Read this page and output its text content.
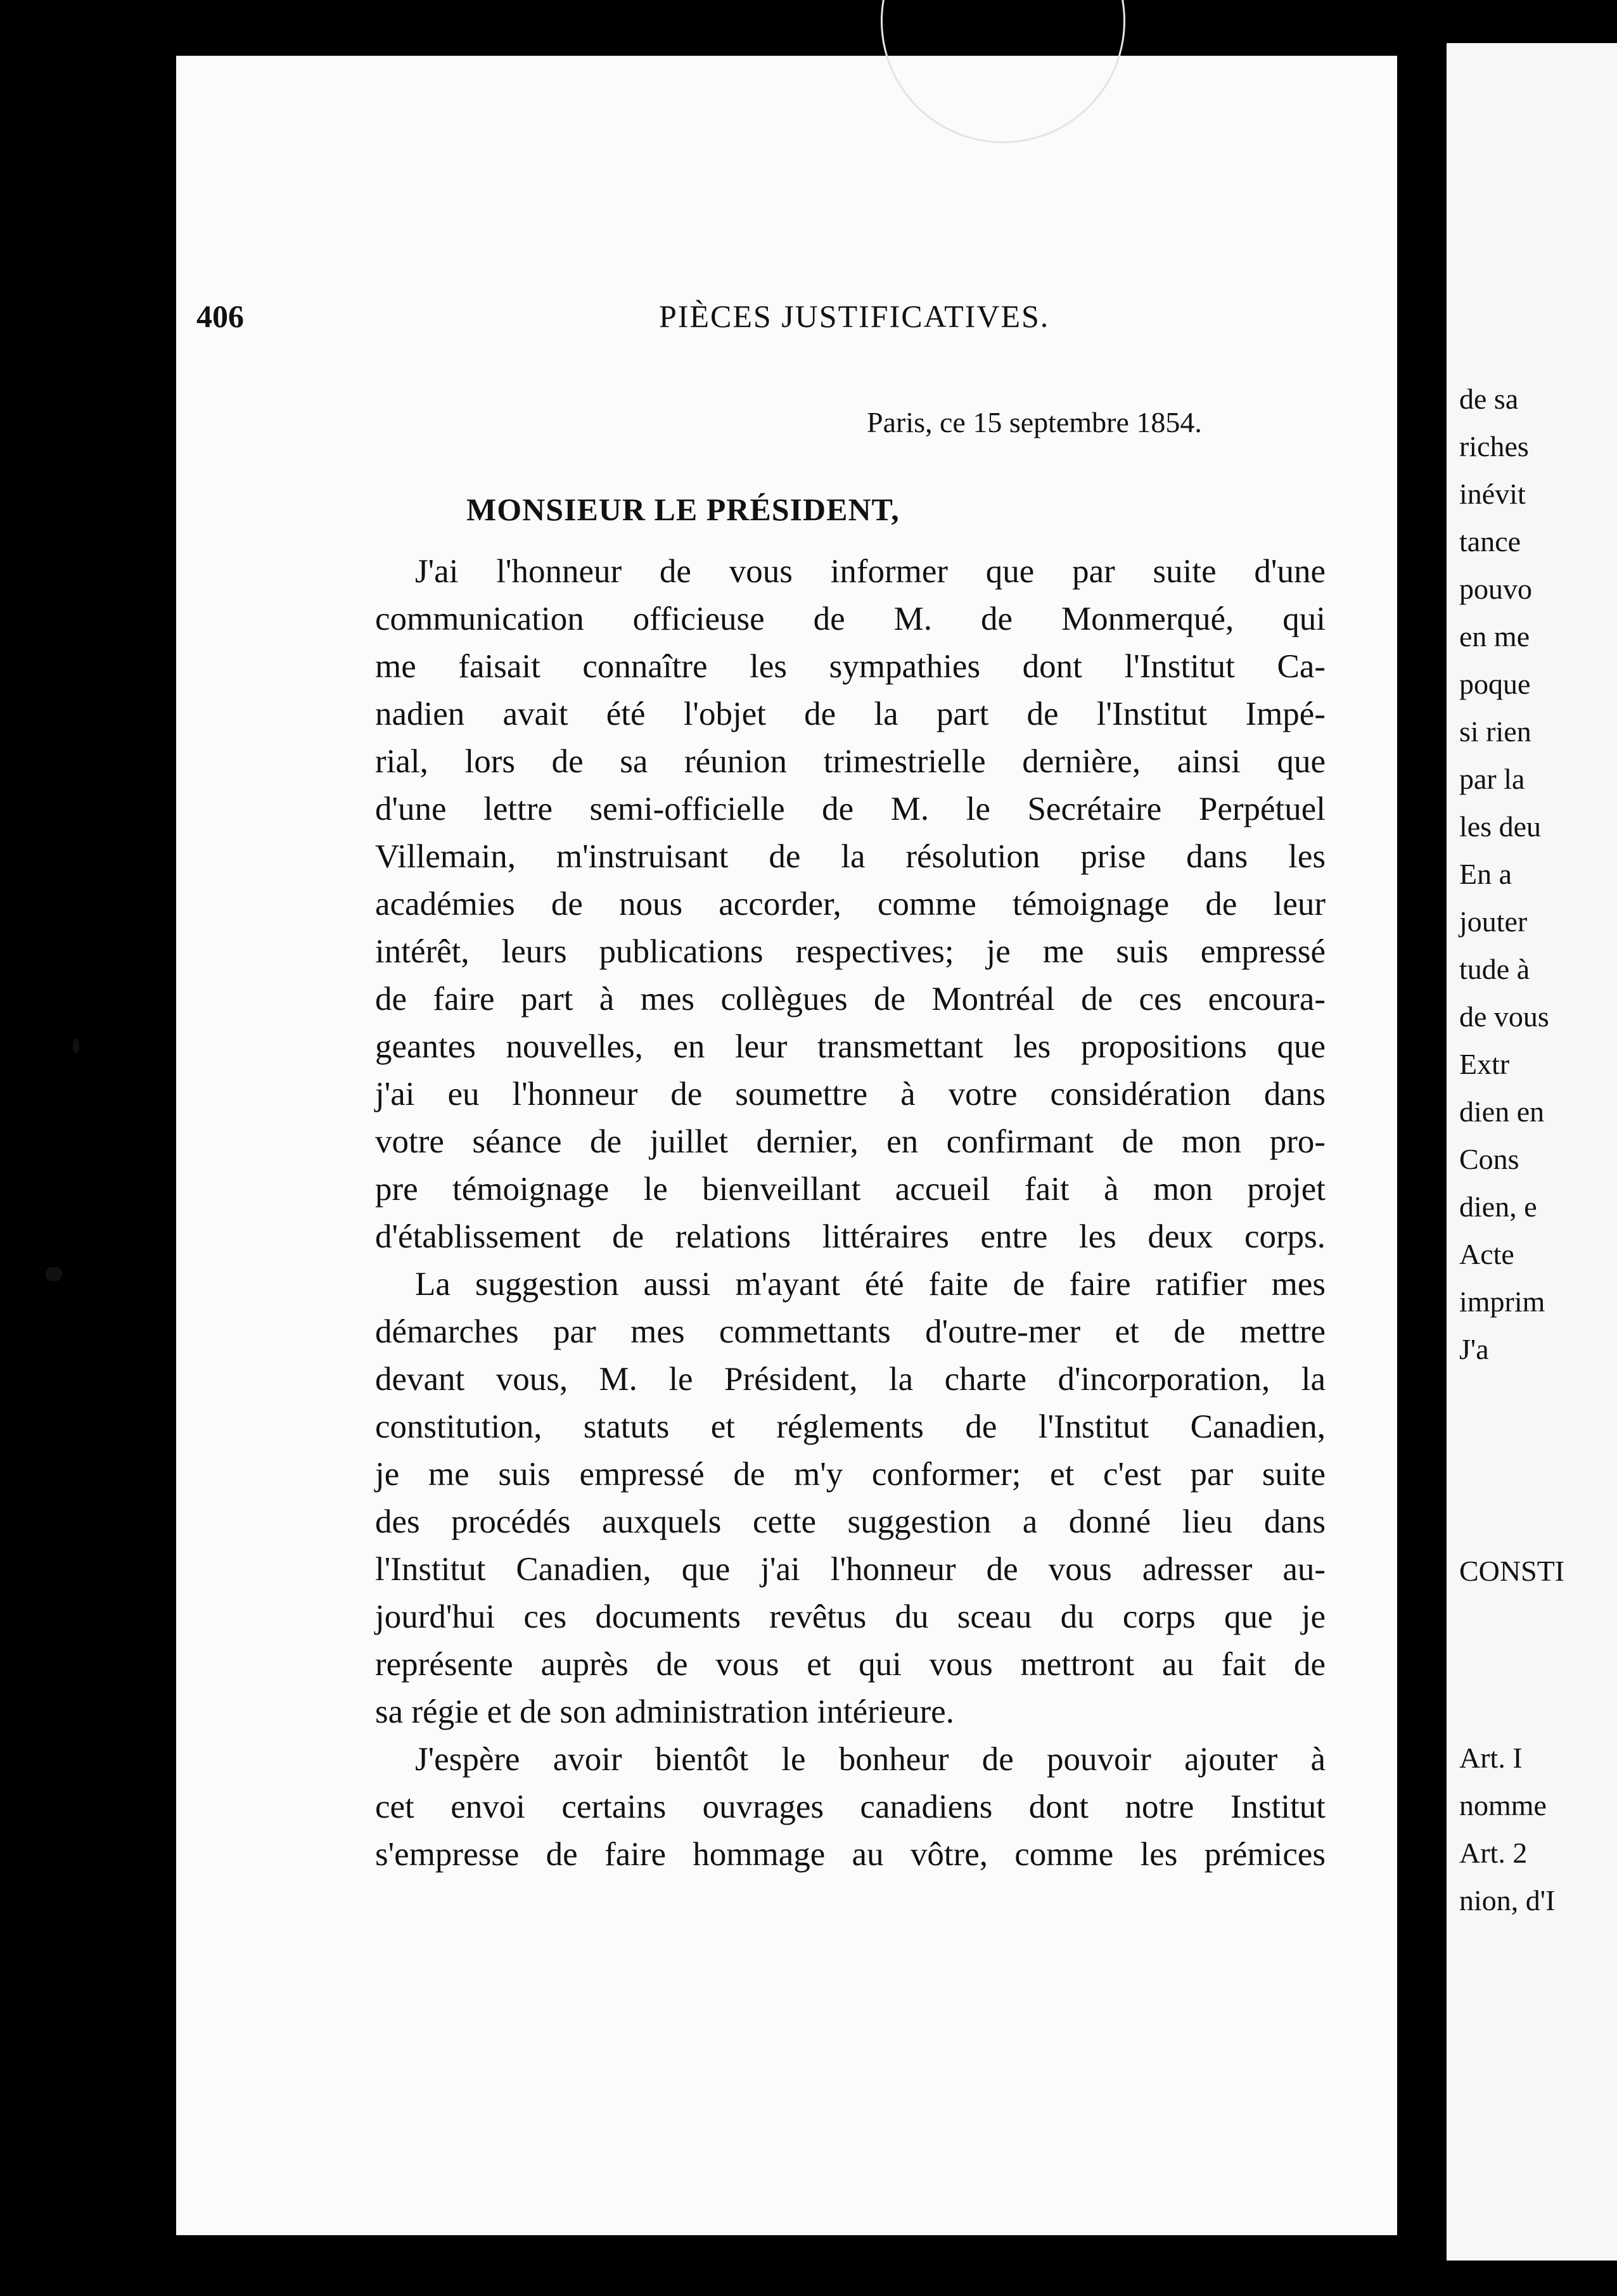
406	PIÈCES JUSTIFICATIVES.
Paris, ce 15 septembre 1854.
MONSIEUR LE PRÉSIDENT,
J'ai l'honneur de vous informer que par suite d'une
communication officieuse de M. de Monmerqué, qui
me faisait connaître les sympathies dont l'Institut Ca-
nadien avait été l'objet de la part de l'Institut Impé-
rial, lors de sa réunion trimestrielle dernière, ainsi que
d'une lettre semi-officielle de M. le Secrétaire Perpétuel
Villemain, m'instruisant de la résolution prise dans les
académies de nous accorder, comme témoignage de leur
intérêt, leurs publications respectives; je me suis empressé
de faire part à mes collègues de Montréal de ces encoura-
geantes nouvelles, en leur transmettant les propositions que
j'ai eu l'honneur de soumettre à votre considération dans
votre séance de juillet dernier, en confirmant de mon pro-
pre témoignage le bienveillant accueil fait à mon projet
d'établissement de relations littéraires entre les deux corps.
La suggestion aussi m'ayant été faite de faire ratifier mes
démarches par mes commettants d'outre-mer et de mettre
devant vous, M. le Président, la charte d'incorporation, la
constitution, statuts et réglements de l'Institut Canadien,
je me suis empressé de m'y conformer; et c'est par suite
des procédés auxquels cette suggestion a donné lieu dans
l'Institut Canadien, que j'ai l'honneur de vous adresser au-
jourd'hui ces documents revêtus du sceau du corps que je
représente auprès de vous et qui vous mettront au fait de
sa régie et de son administration intérieure.
J'espère avoir bientôt le bonheur de pouvoir ajouter à
cet envoi certains ouvrages canadiens dont notre Institut
s'empresse de faire hommage au vôtre, comme les prémices
de sa
riches
inévit
tance
pouvo
en me
poque
si rien
par la
les deu
En a
jouter
tude à
de vous
Extr
dien en
Cons
dien, e
Acte
imprim
J'a
CONSTI
Art. I
nomme
Art. 2
nion, d'I
